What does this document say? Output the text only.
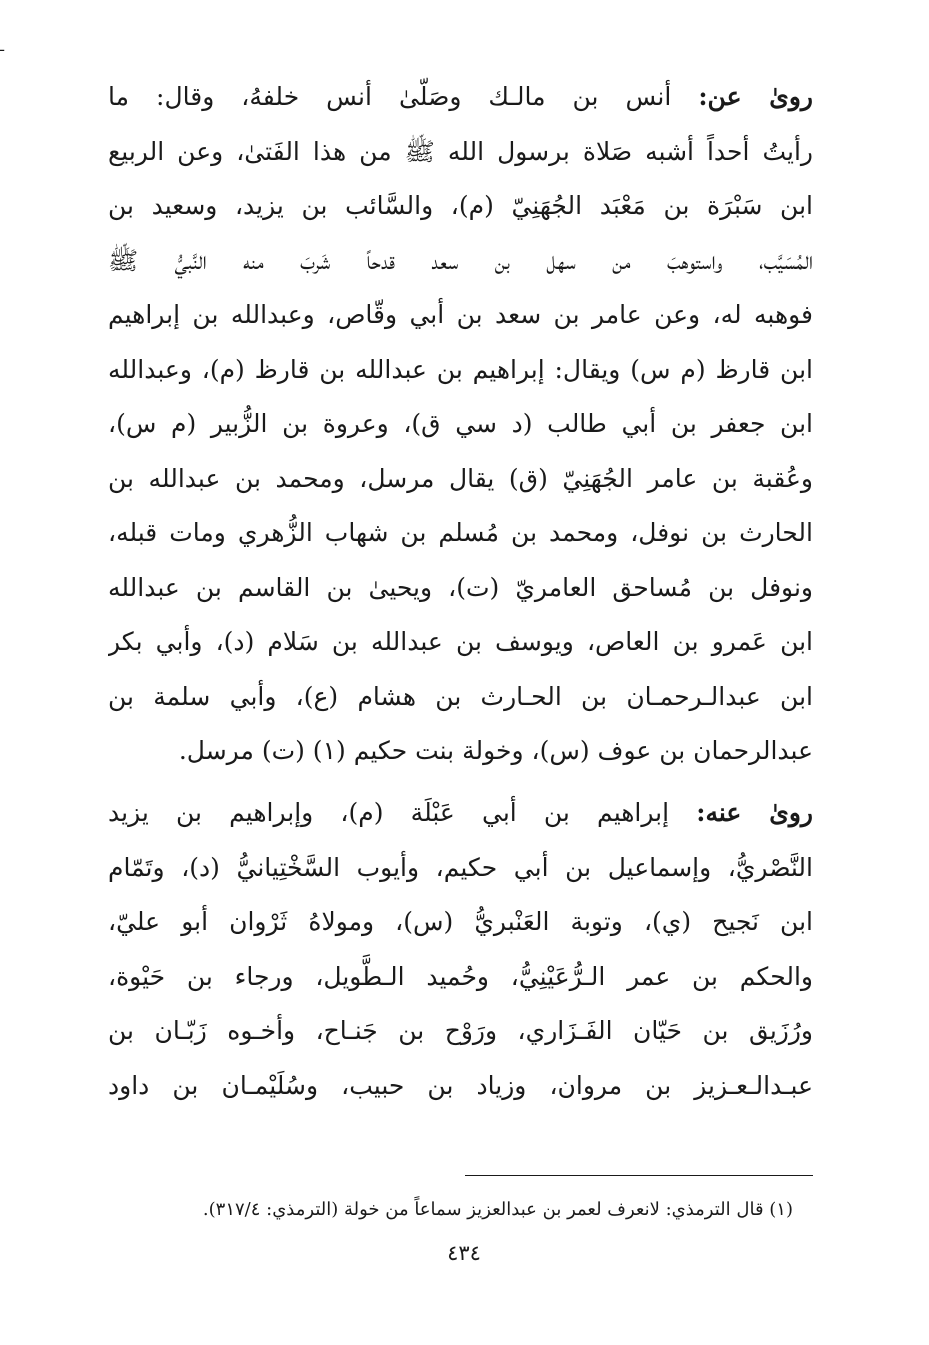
ـ
روىٰ عن: أنس بن مالـك وصَلّىٰ أنس خلفهُ، وقال: ما
رأيتُ أحداً أشبه صَلاة برسول الله ﷺ من هذا الفَتىٰ، وعن الربيع
ابن سَبْرَة بن مَعْبَد الجُهَنِيّ (م)، والسَّائب بن يزيد، وسعيد بن
المُسَيَّب، واستوهبَ من سهل بن سعد قدحاً شَربَ منه النَّبيُّ ﷺ
فوهبه له، وعن عامر بن سعد بن أبي وقّاص، وعبدالله بن إبراهيم
ابن قارظ (م س) ويقال: إبراهيم بن عبدالله بن قارظ (م)، وعبدالله
ابن جعفر بن أبي طالب (د سي ق)، وعروة بن الزُّبير (م س)،
وعُقبة بن عامر الجُهَنِيّ (ق) يقال مرسل، ومحمد بن عبدالله بن
الحارث بن نوفل، ومحمد بن مُسلم بن شهاب الزُّهري ومات قبله،
ونوفل بن مُساحق العامريّ (ت)، ويحيىٰ بن القاسم بن عبدالله
ابن عَمرو بن العاص، ويوسف بن عبدالله بن سَلام (د)، وأبي بكر
ابن عبدالـرحمـان بن الحـارث بن هشام (ع)، وأبي سلمة بن
عبدالرحمان بن عوف (س)، وخولة بنت حكيم (١) (ت) مرسل.
روىٰ عنه: إبراهيم بن أبي عَبْلَة (م)، وإبراهيم بن يزيد
النَّصْريُّ، وإسماعيل بن أبي حكيم، وأيوب السَّخْتِيانيُّ (د)، وتَمّام
ابن نَجيح (ي)، وتوبة العَنْبريُّ (س)، ومولاهُ ثَرْوان أبو عليّ،
والحكم بن عمر الـرُّعَيْنِيُّ، وحُميد الـطَّويل، ورجاء بن حَيْوة،
ورُزَيق بن حَيّان الفَـزَاري، ورَوْح بن جَنـاح، وأخـوه زَبّـان بن
عبـدالـعـزيز بن مروان، وزياد بن حبيب، وسُلَيْمـان بن داود
(١) قال الترمذي: لانعرف لعمر بن عبدالعزيز سماعاً من خولة (الترمذي: ٣١٧/٤).
٤٣٤
